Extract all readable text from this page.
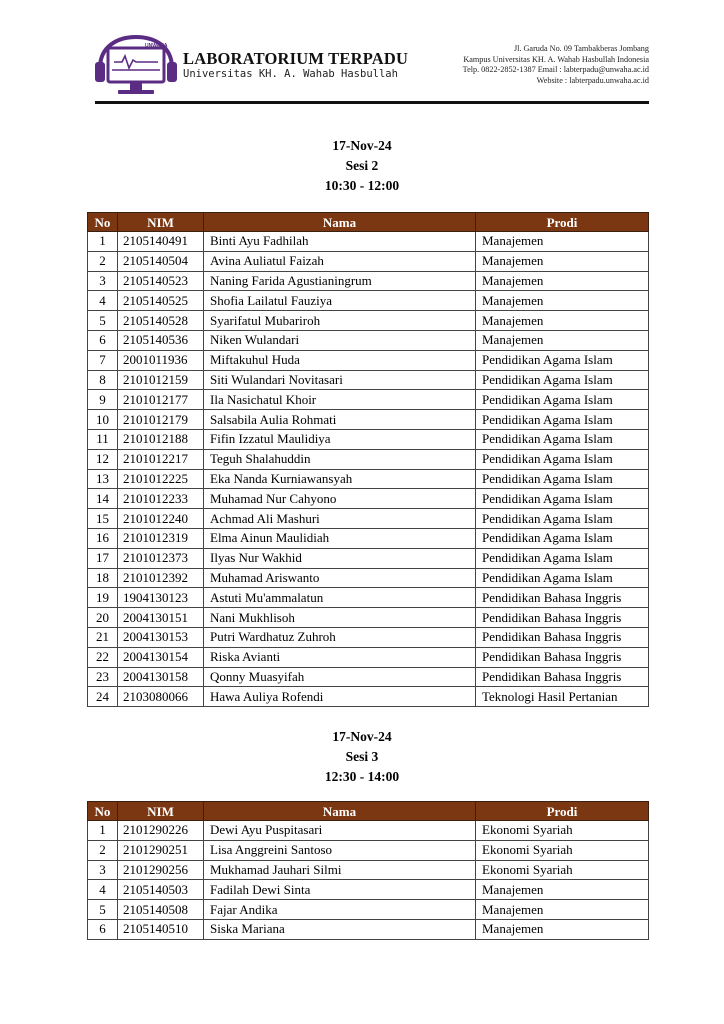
UNWAHA
LABORATORIUM TERPADU
Universitas KH. A. Wahab Hasbullah
Jl. Garuda No. 09 Tambakberas Jombang
Kampus Universitas KH. A. Wahab Hasbullah Indonesia
Telp. 0822-2852-1387 Email : labterpadu@unwaha.ac.id
Website : labterpadu.unwaha.ac.id
17-Nov-24
Sesi 2
10:30 - 12:00
No	NIM	Nama	Prodi
1	2105140491	Binti Ayu Fadhilah	Manajemen
2	2105140504	Avina Auliatul Faizah	Manajemen
3	2105140523	Naning Farida Agustianingrum	Manajemen
4	2105140525	Shofia Lailatul Fauziya	Manajemen
5	2105140528	Syarifatul Mubariroh	Manajemen
6	2105140536	Niken Wulandari	Manajemen
7	2001011936	Miftakuhul Huda	Pendidikan Agama Islam
8	2101012159	Siti Wulandari Novitasari	Pendidikan Agama Islam
9	2101012177	Ila Nasichatul Khoir	Pendidikan Agama Islam
10	2101012179	Salsabila Aulia Rohmati	Pendidikan Agama Islam
11	2101012188	Fifin Izzatul Maulidiya	Pendidikan Agama Islam
12	2101012217	Teguh Shalahuddin	Pendidikan Agama Islam
13	2101012225	Eka Nanda Kurniawansyah	Pendidikan Agama Islam
14	2101012233	Muhamad Nur Cahyono	Pendidikan Agama Islam
15	2101012240	Achmad Ali Mashuri	Pendidikan Agama Islam
16	2101012319	Elma Ainun Maulidiah	Pendidikan Agama Islam
17	2101012373	Ilyas Nur Wakhid	Pendidikan Agama Islam
18	2101012392	Muhamad Ariswanto	Pendidikan Agama Islam
19	1904130123	Astuti Mu'ammalatun	Pendidikan Bahasa Inggris
20	2004130151	Nani Mukhlisoh	Pendidikan Bahasa Inggris
21	2004130153	Putri Wardhatuz Zuhroh	Pendidikan Bahasa Inggris
22	2004130154	Riska Avianti	Pendidikan Bahasa Inggris
23	2004130158	Qonny Muasyifah	Pendidikan Bahasa Inggris
24	2103080066	Hawa Auliya Rofendi	Teknologi Hasil Pertanian
17-Nov-24
Sesi 3
12:30 - 14:00
No	NIM	Nama	Prodi
1	2101290226	Dewi Ayu Puspitasari	Ekonomi Syariah
2	2101290251	Lisa Anggreini Santoso	Ekonomi Syariah
3	2101290256	Mukhamad Jauhari Silmi	Ekonomi Syariah
4	2105140503	Fadilah Dewi Sinta	Manajemen
5	2105140508	Fajar Andika	Manajemen
6	2105140510	Siska Mariana	Manajemen
